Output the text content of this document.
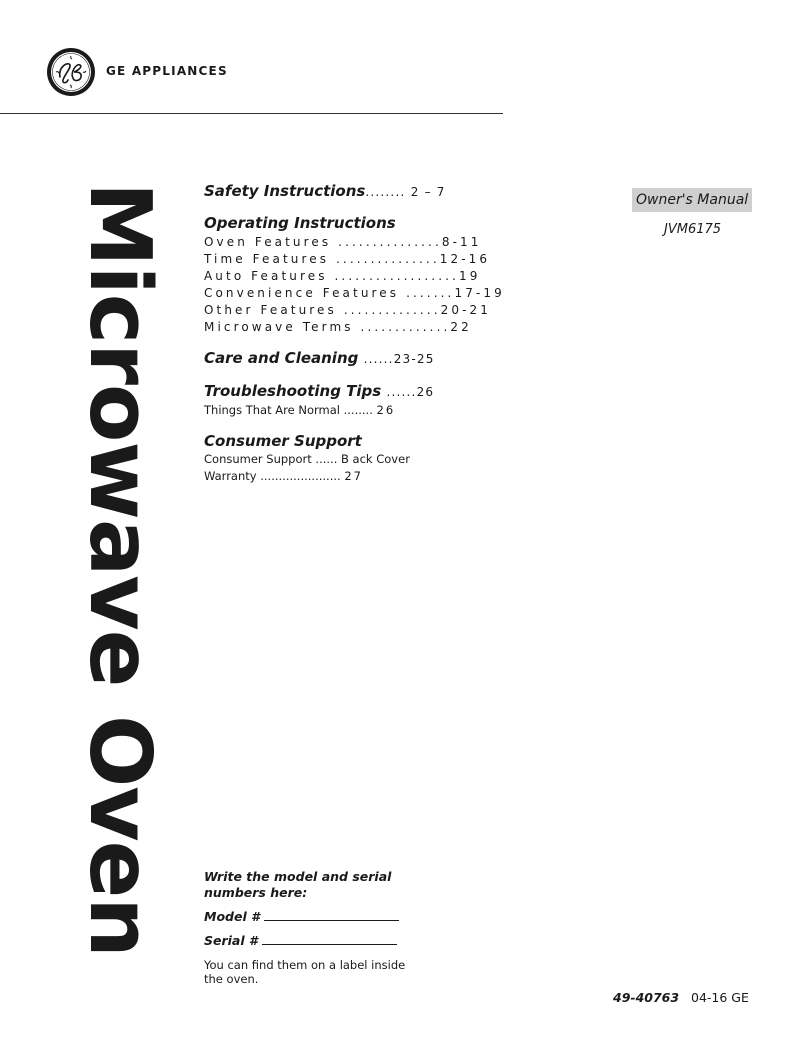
GE APPLIANCES
Microwave Oven Safety Instructions........ 2 – 7
Operating Instructions
Oven Features ...............8-11
Time Features ...............12-16
Auto Features ..................19
Convenience Features .......17-19
Other Features ..............20-21
Microwave Terms .............22
Care and Cleaning ......23-25
Troubleshooting Tips ......26
Things That Are Normal ........ 26
Consumer Support
Consumer Support ...... B ack Cover
Warranty ...................... 27
Owner's Manual
JVM6175
Write the model and serial numbers here:
Model #
Serial #
You can find them on a label inside the oven.
49-40763 04-16 GE
